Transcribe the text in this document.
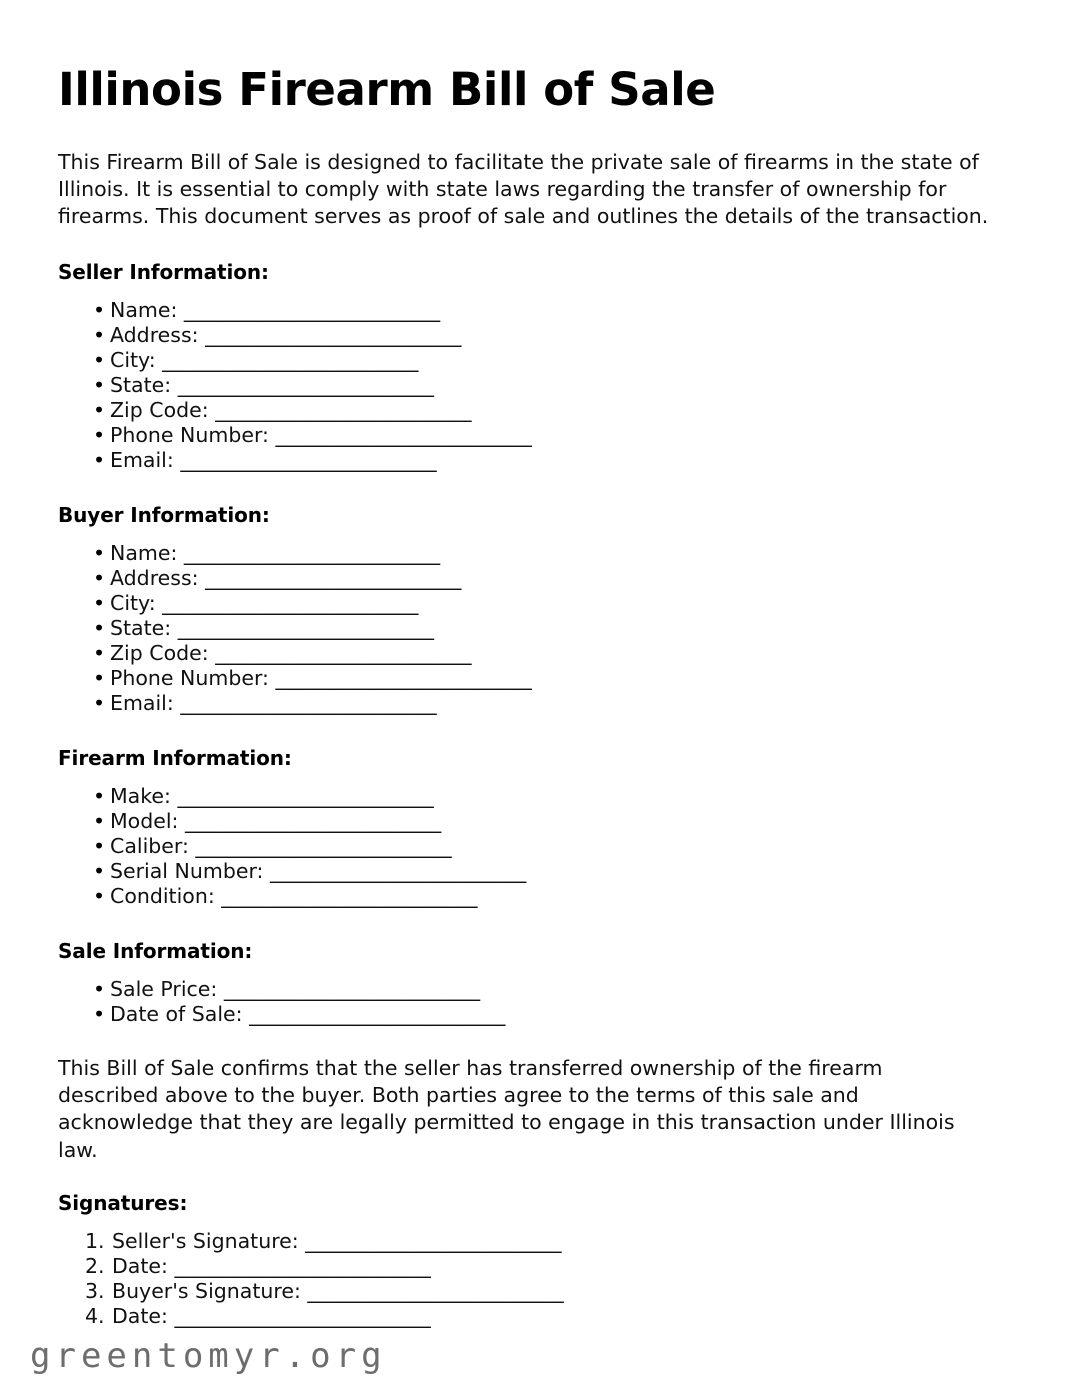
Illinois Firearm Bill of Sale

This Firearm Bill of Sale is designed to facilitate the private sale of firearms in the state of Illinois. It is essential to comply with state laws regarding the transfer of ownership for firearms. This document serves as proof of sale and outlines the details of the transaction.

Seller Information:
• Name: _________________________
• Address: _________________________
• City: _________________________
• State: _________________________
• Zip Code: _________________________
• Phone Number: _________________________
• Email: _________________________
Buyer Information:
• Name: _________________________
• Address: _________________________
• City: _________________________
• State: _________________________
• Zip Code: _________________________
• Phone Number: _________________________
• Email: _________________________
Firearm Information:
• Make: _________________________
• Model: _________________________
• Caliber: _________________________
• Serial Number: _________________________
• Condition: _________________________
Sale Information:
• Sale Price: _________________________
• Date of Sale: _________________________

This Bill of Sale confirms that the seller has transferred ownership of the firearm described above to the buyer. Both parties agree to the terms of this sale and acknowledge that they are legally permitted to engage in this transaction under Illinois law.

Signatures:
Seller's Signature: _________________________
Date: _________________________
Buyer's Signature: _________________________
Date: _________________________
greentomyr.org
